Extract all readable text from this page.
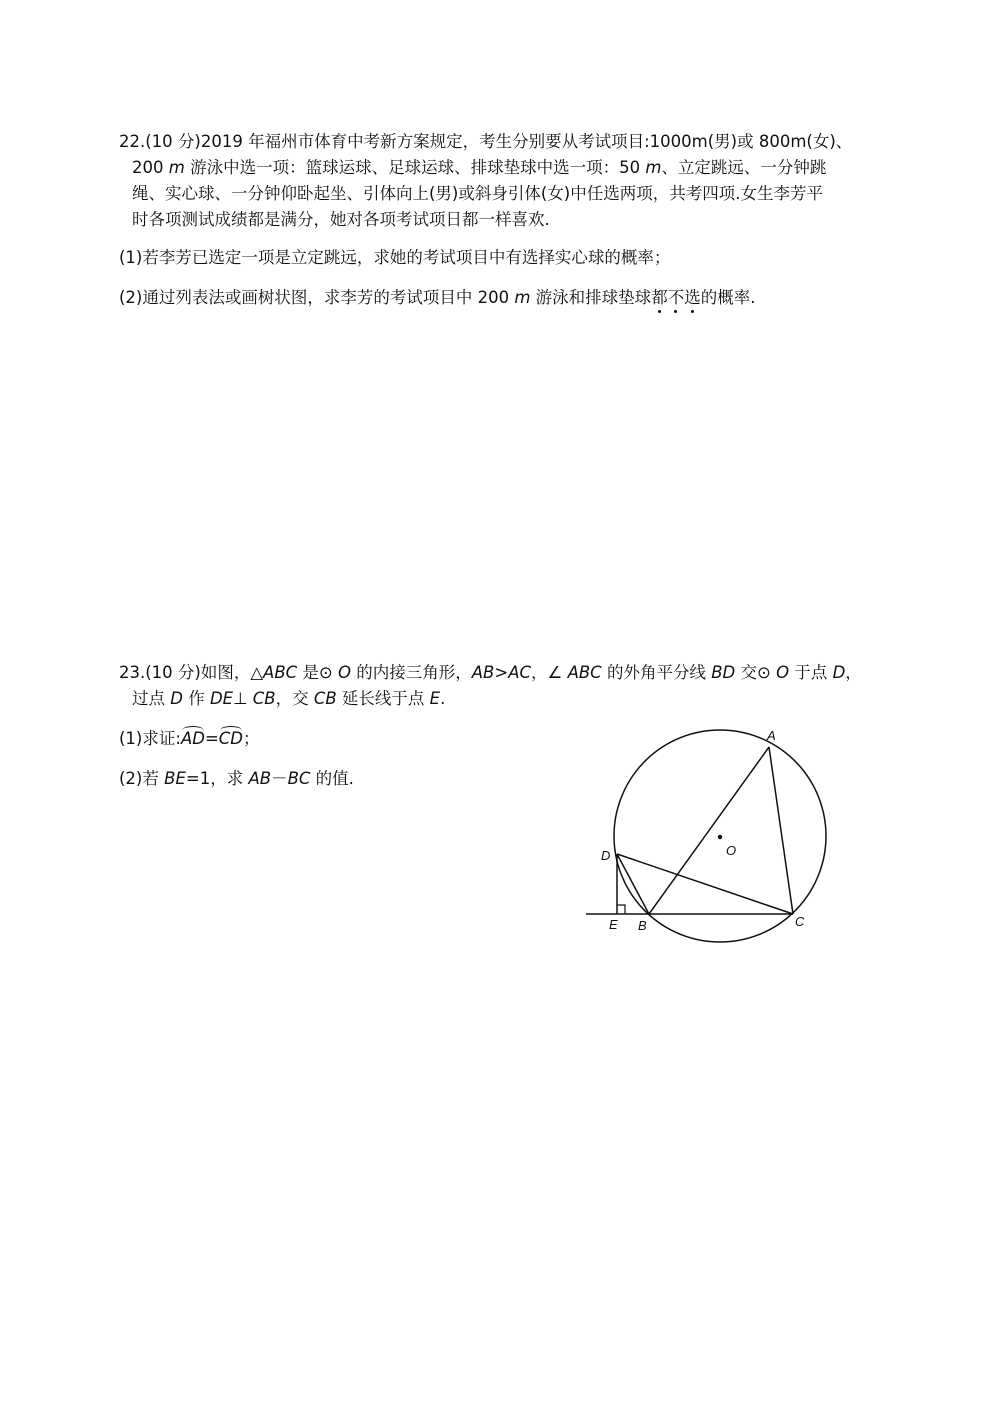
22.(10 分)2019 年福州市体育中考新方案规定，考生分别要从考试项目:1000m(男)或 800m(女)、
200 m 游泳中选一项：篮球运球、足球运球、排球垫球中选一项：50 m、立定跳远、一分钟跳
绳、实心球、一分钟仰卧起坐、引体向上(男)或斜身引体(女)中任选两项，共考四项.女生李芳平
时各项测试成绩都是满分，她对各项考试项日都一样喜欢.
(1)若李芳已选定一项是立定跳远，求她的考试项目中有选择实心球的概率；
(2)通过列表法或画树状图，求李芳的考试项目中 200 m 游泳和排球垫球都不选的概率.
23.(10 分)如图，△ABC 是⊙ O 的内接三角形，AB>AC，∠ ABC 的外角平分线 BD 交⊙ O 于点 D，
过点 D 作 DE⊥ CB，交 CB 延长线于点 E.
(1)求证:AD=CD；
(2)若 BE=1，求 AB－BC 的值.
A
O
D
E B	C
